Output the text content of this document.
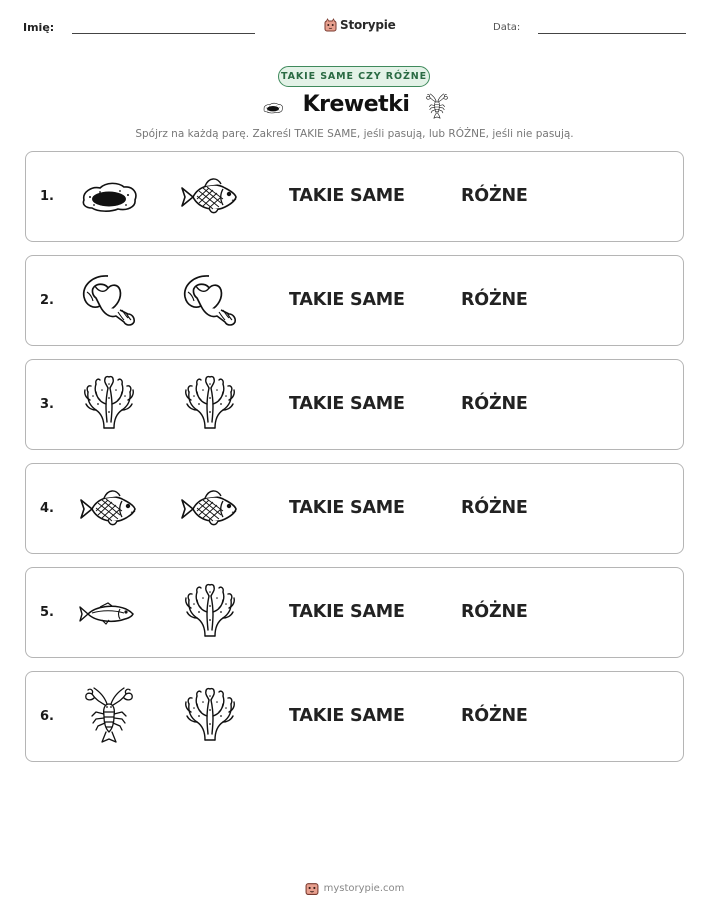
Imię:	Storypie	Data:
TAKIE SAME CZY RÓŻNE
Krewetki
Spójrz na każdą parę. Zakreśl TAKIE SAME, jeśli pasują, lub RÓŻNE, jeśli nie pasują.
1.	TAKIE SAME	RÓŻNE
2.	TAKIE SAME	RÓŻNE
3.	TAKIE SAME	RÓŻNE
4.	TAKIE SAME	RÓŻNE
5.	TAKIE SAME	RÓŻNE
6.	TAKIE SAME	RÓŻNE
mystorypie.com
